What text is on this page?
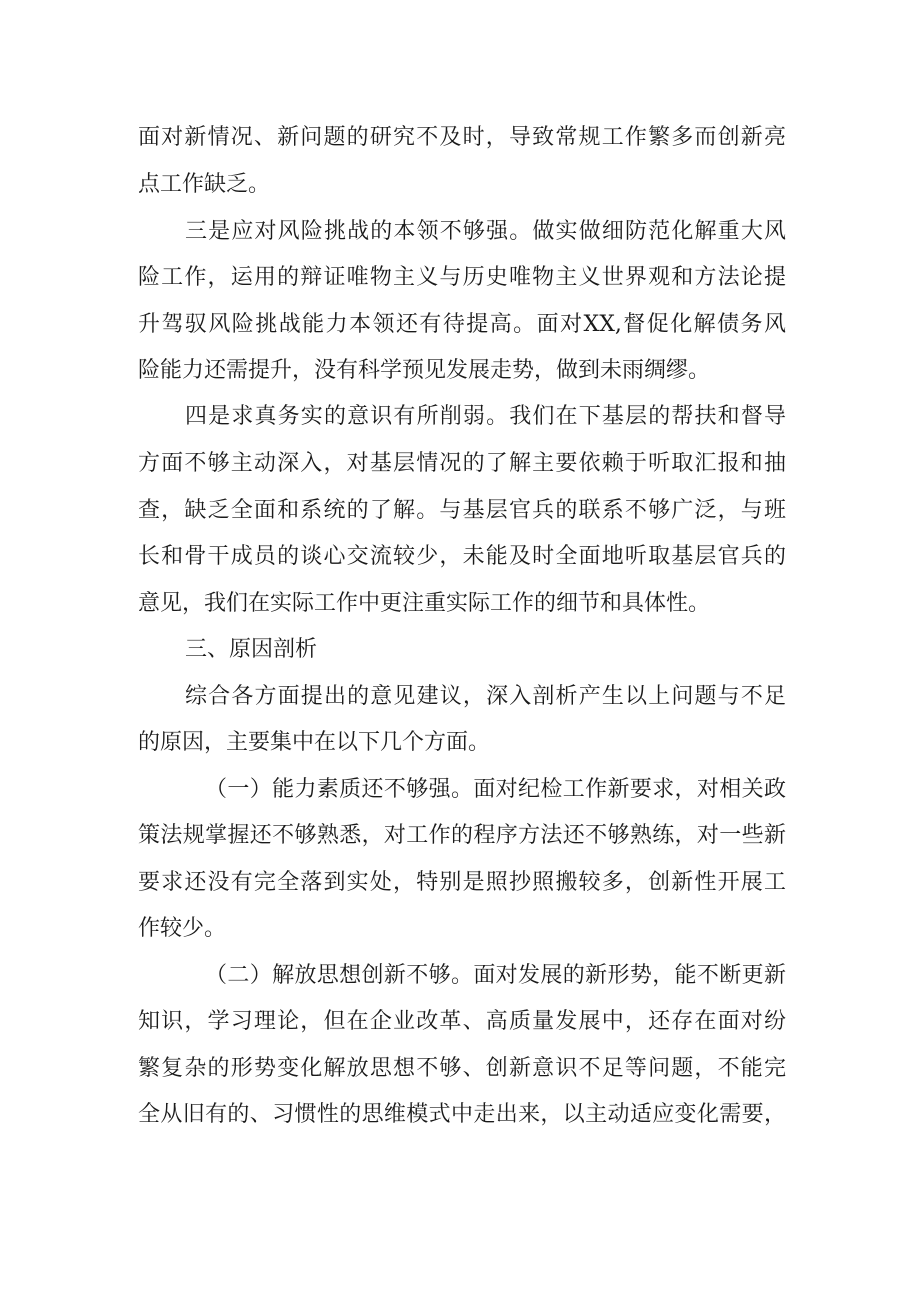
面对新情况、新问题的研究不及时，导致常规工作繁多而创新亮

点工作缺乏。

三是应对风险挑战的本领不够强。做实做细防范化解重大风

险工作，运用的辩证唯物主义与历史唯物主义世界观和方法论提

升驾驭风险挑战能力本领还有待提高。面对XX,督促化解债务风

险能力还需提升，没有科学预见发展走势，做到未雨绸缪。

四是求真务实的意识有所削弱。我们在下基层的帮扶和督导

方面不够主动深入，对基层情况的了解主要依赖于听取汇报和抽

查，缺乏全面和系统的了解。与基层官兵的联系不够广泛，与班

长和骨干成员的谈心交流较少，未能及时全面地听取基层官兵的

意见，我们在实际工作中更注重实际工作的细节和具体性。

三、原因剖析

综合各方面提出的意见建议，深入剖析产生以上问题与不足

的原因，主要集中在以下几个方面。

（一）能力素质还不够强。面对纪检工作新要求，对相关政

策法规掌握还不够熟悉，对工作的程序方法还不够熟练，对一些新

要求还没有完全落到实处，特别是照抄照搬较多，创新性开展工

作较少。

（二）解放思想创新不够。面对发展的新形势，能不断更新

知识，学习理论，但在企业改革、高质量发展中，还存在面对纷

繁复杂的形势变化解放思想不够、创新意识不足等问题，不能完

全从旧有的、习惯性的思维模式中走出来，以主动适应变化需要，
